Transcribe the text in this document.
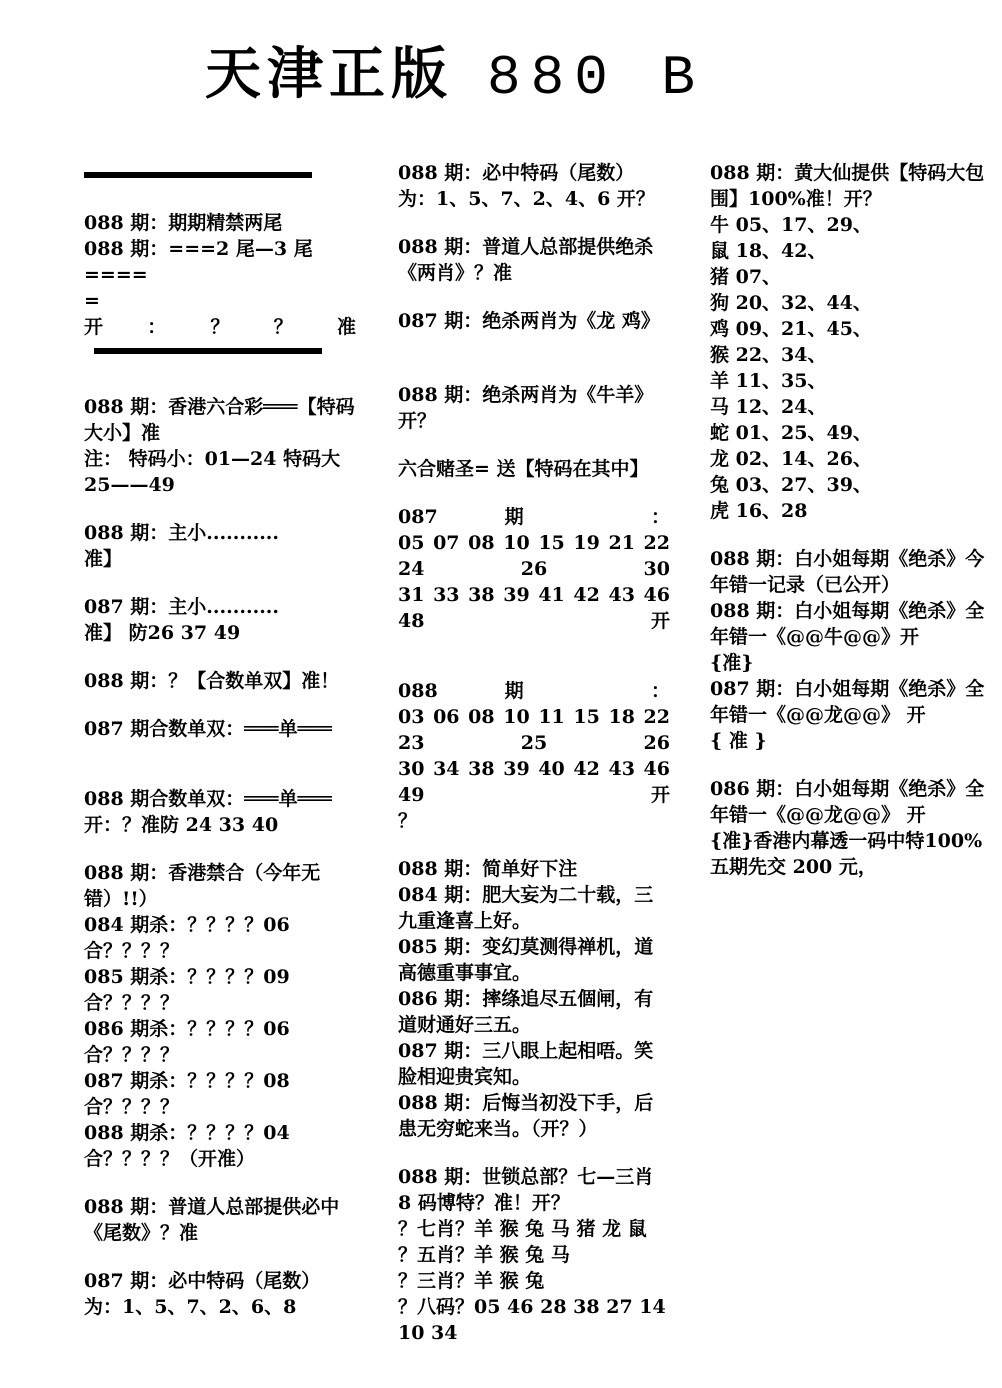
天津正版 880 B

088 期：期期精禁两尾

088 期：===2 尾—3 尾====

=

开 ： ？ ？ 准

088 期：香港六合彩═══【特码大小】准

注： 特码小：01—24 特码大 25——49

088 期：主小...........

准】

087 期：主小...........

准】 防26 37 49

088 期：？【合数单双】准！

087 期合数单双：═══单═══

088 期合数单双：═══单═══

开：？准防 24 33 40

088 期：香港禁合（今年无错）!!）

084 期杀：？？？？06 合？？？？

085 期杀：？？？？09 合？？？？

086 期杀：？？？？06 合？？？？

087 期杀：？？？？08 合？？？？

088 期杀：？？？？04 合？？？？（开准）

088 期：普道人总部提供必中《尾数》？准

087 期：必中特码（尾数）为：1、5、7、2、6、8

088 期：必中特码（尾数）为：1、5、7、2、4、6 开？

088 期：普道人总部提供绝杀《两肖》？准

087 期：绝杀两肖为《龙 鸡》

088 期：绝杀两肖为《牛羊》开？

六合赌圣= 送【特码在其中】

087 期 ：

05 07 08 10 15 19 21 22 24 26 30

31 33 38 39 41 42 43 46 48 开

088 期 ：

03 06 08 10 11 15 18 22 23 25 26

30 34 38 39 40 42 43 46 49 开

？

088 期：简单好下注

084 期：肥大妄为二十载，三九重逢喜上好。

085 期：变幻莫测得禅机，道高德重事事宜。

086 期：摔绦追尽五個闸，有道财通好三五。

087 期：三八眼上起相唔。笑脸相迎贵宾知。

088 期：后悔当初没下手，后患无穷蛇来当。（开？）

088 期：世锁总部？七—三肖 8 码博特？准！开？

？七肖？羊 猴 兔 马 猪 龙 鼠

？五肖？羊 猴 兔 马

？三肖？羊 猴 兔

？八码？05 46 28 38 27 14 10 34

088 期：黄大仙提供【特码大包围】100%准！开？

牛 05、17、29、

鼠 18、42、

猪 07、

狗 20、32、44、

鸡 09、21、45、

猴 22、34、

羊 11、35、

马 12、24、

蛇 01、25、49、

龙 02、14、26、

兔 03、27、39、

虎 16、28

088 期：白小姐每期《绝杀》今年错一记录（已公开）

088 期：白小姐每期《绝杀》全年错一《@@牛@@》开

{准}

087 期：白小姐每期《绝杀》全年错一《@@龙@@》 开

{ 准 }

086 期：白小姐每期《绝杀》全年错一《@@龙@@》 开

{准}香港内幕透一码中特100% 五期先交 200 元，
